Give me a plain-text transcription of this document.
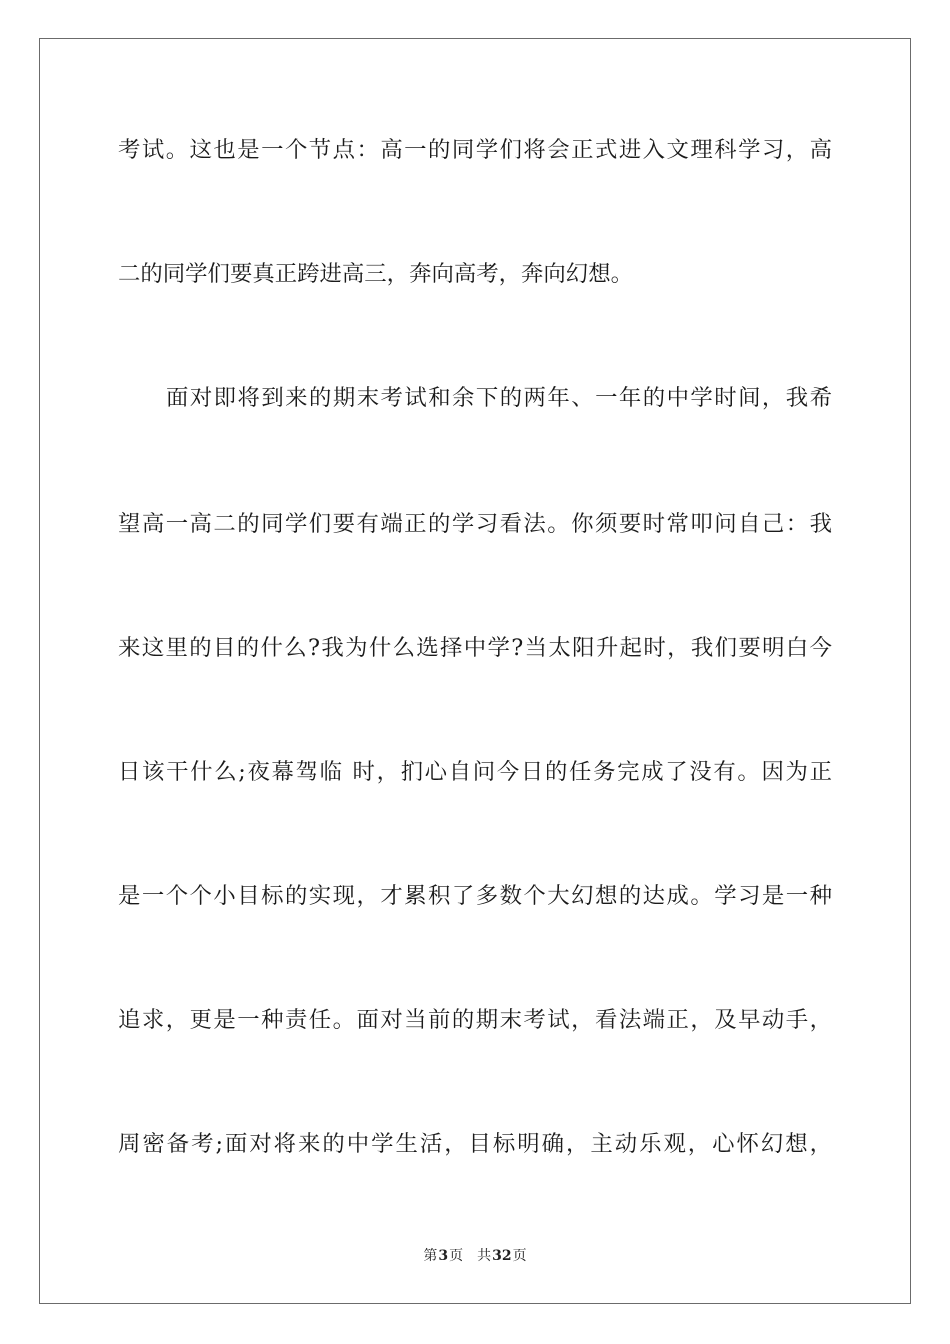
考试。这也是一个节点：高一的同学们将会正式进入文理科学习，高
二的同学们要真正跨进高三，奔向高考，奔向幻想。
面对即将到来的期末考试和余下的两年、一年的中学时间，我希
望高一高二的同学们要有端正的学习看法。你须要时常叩问自己：我
来这里的目的什么?我为什么选择中学?当太阳升起时，我们要明白今
日该干什么;夜幕驾临 时，扪心自问今日的任务完成了没有。因为正
是一个个小目标的实现，才累积了多数个大幻想的达成。学习是一种
追求，更是一种责任。面对当前的期末考试，看法端正，及早动手，
周密备考;面对将来的中学生活，目标明确，主动乐观，心怀幻想，
第3页 共32页
